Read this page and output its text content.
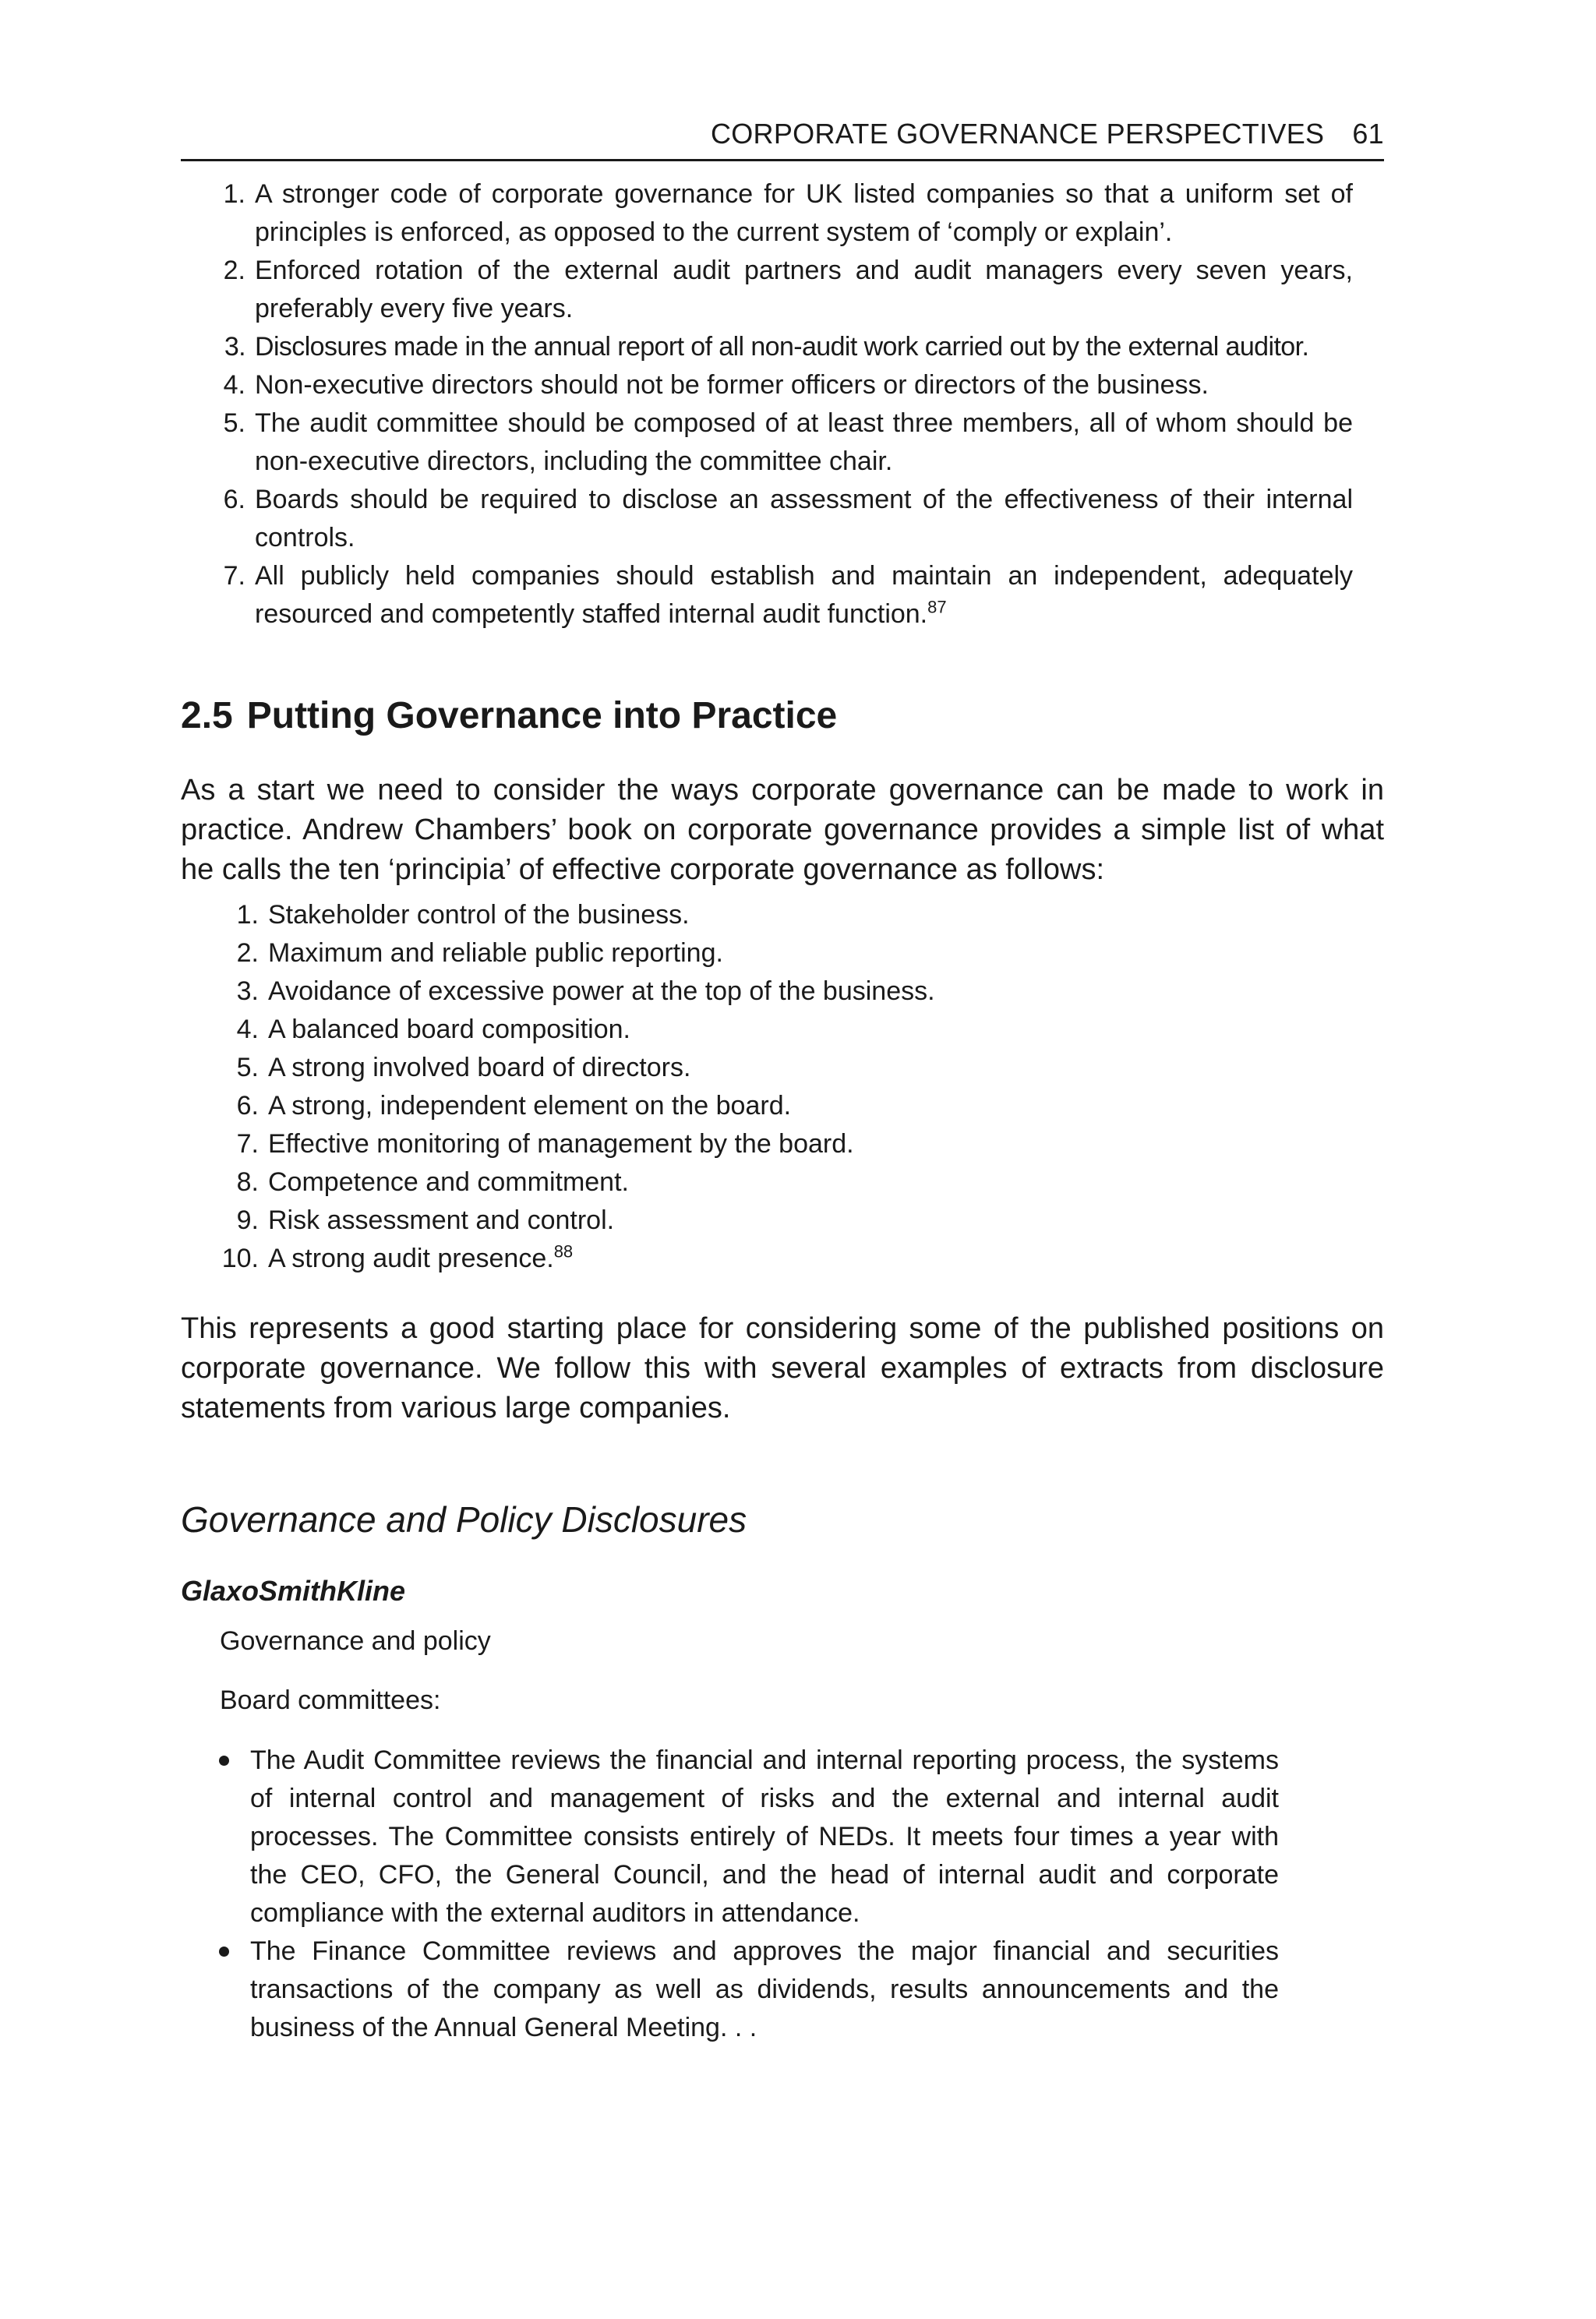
CORPORATE GOVERNANCE PERSPECTIVES 61
1. A stronger code of corporate governance for UK listed companies so that a uniform set of principles is enforced, as opposed to the current system of ‘comply or explain’.
2. Enforced rotation of the external audit partners and audit managers every seven years, preferably every five years.
3. Disclosures made in the annual report of all non-audit work carried out by the external auditor.
4. Non-executive directors should not be former officers or directors of the business.
5. The audit committee should be composed of at least three members, all of whom should be non-executive directors, including the committee chair.
6. Boards should be required to disclose an assessment of the effectiveness of their internal controls.
7. All publicly held companies should establish and maintain an independent, adequately resourced and competently staffed internal audit function.$^{87}$
2.5 Putting Governance into Practice

As a start we need to consider the ways corporate governance can be made to work in practice. Andrew Chambers’ book on corporate governance provides a simple list of what he calls the ten ‘principia’ of effective corporate governance as follows:

1. Stakeholder control of the business.
2. Maximum and reliable public reporting.
3. Avoidance of excessive power at the top of the business.
4. A balanced board composition.
5. A strong involved board of directors.
6. A strong, independent element on the board.
7. Effective monitoring of management by the board.
8. Competence and commitment.
9. Risk assessment and control.
10. A strong audit presence.$^{88}$

This represents a good starting place for considering some of the published positions on corporate governance. We follow this with several examples of extracts from disclosure statements from various large companies.

Governance and Policy Disclosures
GlaxoSmithKline
Governance and policy
Board committees:
The Audit Committee reviews the financial and internal reporting process, the systems of internal control and management of risks and the external and internal audit processes. The Committee consists entirely of NEDs. It meets four times a year with the CEO, CFO, the General Council, and the head of internal audit and corporate compliance with the external auditors in attendance.
The Finance Committee reviews and approves the major financial and securities transactions of the company as well as dividends, results announcements and the business of the Annual General Meeting. . .
